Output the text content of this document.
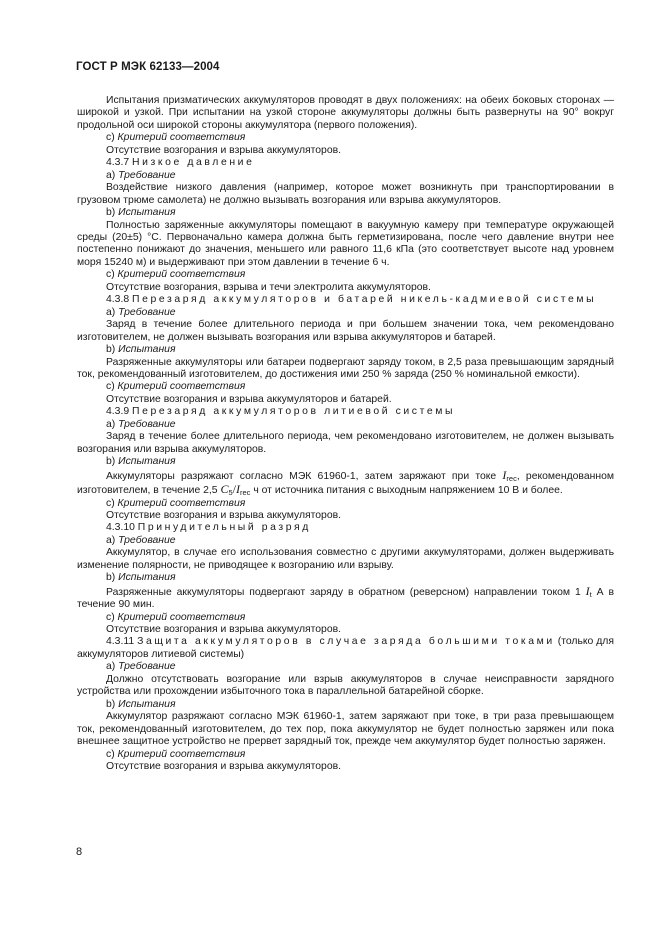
ГОСТ Р МЭК 62133—2004

Испытания призматических аккумуляторов проводят в двух положениях: на обеих боковых сторонах — широкой и узкой. При испытании на узкой стороне аккумуляторы должны быть развернуты на 90° вокруг продольной оси широкой стороны аккумулятора (первого положения).

c) Критерий соответствия

Отсутствие возгорания и взрыва аккумуляторов.

4.3.7 Низкое давление

a) Требование

Воздействие низкого давления (например, которое может возникнуть при транспортировании в грузовом трюме самолета) не должно вызывать возгорания или взрыва аккумуляторов.

b) Испытания

Полностью заряженные аккумуляторы помещают в вакуумную камеру при температуре окружающей среды (20±5) °С. Первоначально камера должна быть герметизирована, после чего давление внутри нее постепенно понижают до значения, меньшего или равного 11,6 кПа (это соответствует высоте над уровнем моря 15240 м) и выдерживают при этом давлении в течение 6 ч.

c) Критерий соответствия

Отсутствие возгорания, взрыва и течи электролита аккумуляторов.

4.3.8 Перезаряд аккумуляторов и батарей никель-кадмиевой системы

a) Требование

Заряд в течение более длительного периода и при большем значении тока, чем рекомендовано изготовителем, не должен вызывать возгорания или взрыва аккумуляторов и батарей.

b) Испытания

Разряженные аккумуляторы или батареи подвергают заряду током, в 2,5 раза превышающим зарядный ток, рекомендованный изготовителем, до достижения ими 250 % заряда (250 % номинальной емкости).

c) Критерий соответствия

Отсутствие возгорания и взрыва аккумуляторов и батарей.

4.3.9 Перезаряд аккумуляторов литиевой системы

a) Требование

Заряд в течение более длительного периода, чем рекомендовано изготовителем, не должен вызывать возгорания или взрыва аккумуляторов.

b) Испытания

Аккумуляторы разряжают согласно МЭК 61960-1, затем заряжают при токе $I_{rec}$, рекомендованном изготовителем, в течение 2,5 $C_5/I_{rec}$ ч от источника питания с выходным напряжением 10 В и более.

c) Критерий соответствия

Отсутствие возгорания и взрыва аккумуляторов.

4.3.10 Принудительный разряд

a) Требование

Аккумулятор, в случае его использования совместно с другими аккумуляторами, должен выдерживать изменение полярности, не приводящее к возгоранию или взрыву.

b) Испытания

Разряженные аккумуляторы подвергают заряду в обратном (реверсном) направлении током 1 $I_t$ А в течение 90 мин.

c) Критерий соответствия

Отсутствие возгорания и взрыва аккумуляторов.

4.3.11 Защита аккумуляторов в случае заряда большими токами (только для аккумуляторов литиевой системы)

a) Требование

Должно отсутствовать возгорание или взрыв аккумуляторов в случае неисправности зарядного устройства или прохождении избыточного тока в параллельной батарейной сборке.

b) Испытания

Аккумулятор разряжают согласно МЭК 61960-1, затем заряжают при токе, в три раза превышающем ток, рекомендованный изготовителем, до тех пор, пока аккумулятор не будет полностью заряжен или пока внешнее защитное устройство не прервет зарядный ток, прежде чем аккумулятор будет полностью заряжен.

c) Критерий соответствия

Отсутствие возгорания и взрыва аккумуляторов.

8
